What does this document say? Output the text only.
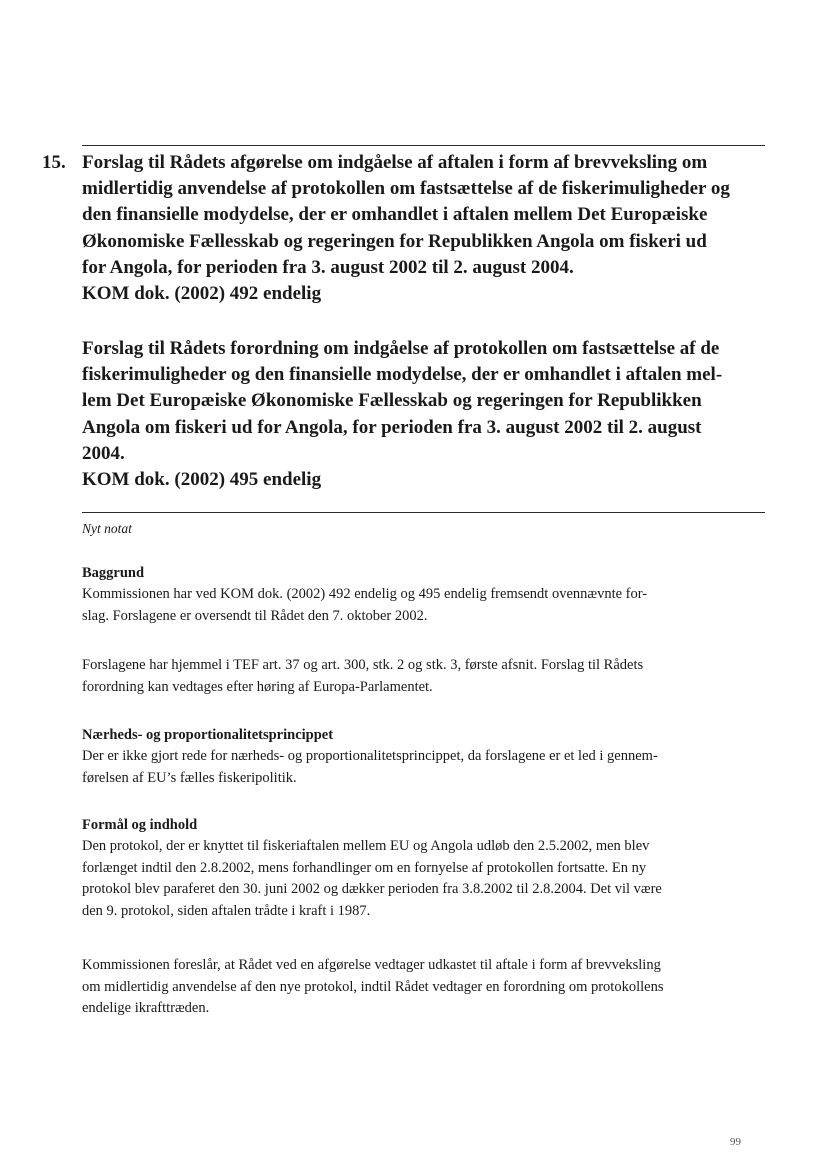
15. Forslag til Rådets afgørelse om indgåelse af aftalen i form af brevveksling om
midlertidig anvendelse af protokollen om fastsættelse af de fiskerimuligheder og
den finansielle modydelse, der er omhandlet i aftalen mellem Det Europæiske
Økonomiske Fællesskab og regeringen for Republikken Angola om fiskeri ud
for Angola, for perioden fra 3. august 2002 til 2. august 2004.
KOM dok. (2002) 492 endelig
Forslag til Rådets forordning om indgåelse af protokollen om fastsættelse af de
fiskerimuligheder og den finansielle modydelse, der er omhandlet i aftalen mel-
lem Det Europæiske Økonomiske Fællesskab og regeringen for Republikken
Angola om fiskeri ud for Angola, for perioden fra 3. august 2002 til 2. august
2004.
KOM dok. (2002) 495 endelig
Nyt notat
Baggrund
Kommissionen har ved KOM dok. (2002) 492 endelig og 495 endelig fremsendt ovennævnte for-
slag. Forslagene er oversendt til Rådet den 7. oktober 2002.
Forslagene har hjemmel i TEF art. 37 og art. 300, stk. 2 og stk. 3, første afsnit. Forslag til Rådets
forordning kan vedtages efter høring af Europa-Parlamentet.
Nærheds- og proportionalitetsprincippet
Der er ikke gjort rede for nærheds- og proportionalitetsprincippet, da forslagene er et led i gennem-
førelsen af EU’s fælles fiskeripolitik.
Formål og indhold
Den protokol, der er knyttet til fiskeriaftalen mellem EU og Angola udløb den 2.5.2002, men blev
forlænget indtil den 2.8.2002, mens forhandlinger om en fornyelse af protokollen fortsatte. En ny
protokol blev paraferet den 30. juni 2002 og dækker perioden fra 3.8.2002 til 2.8.2004. Det vil være
den 9. protokol, siden aftalen trådte i kraft i 1987.
Kommissionen foreslår, at Rådet ved en afgørelse vedtager udkastet til aftale i form af brevveksling
om midlertidig anvendelse af den nye protokol, indtil Rådet vedtager en forordning om protokollens
endelige ikrafttræden.
99
